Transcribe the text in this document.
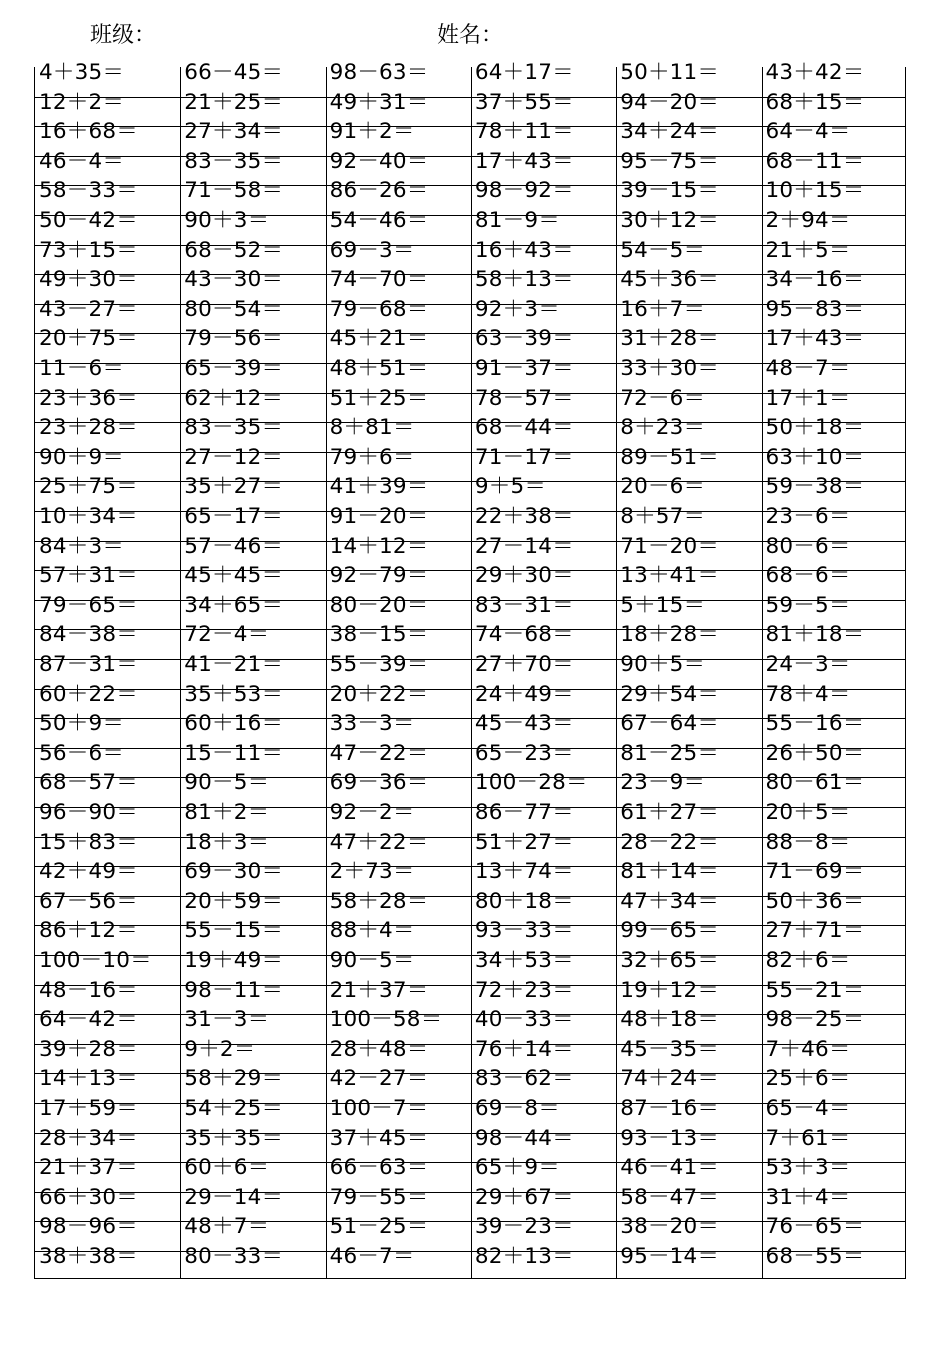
班级：	姓名：
4＋35＝
12＋2＝
16＋68＝
46－4＝
58－33＝
50－42＝
73＋15＝
49＋30＝
43－27＝
20＋75＝
11－6＝
23＋36＝
23＋28＝
90＋9＝
25＋75＝
10＋34＝
84＋3＝
57＋31＝
79－65＝
84－38＝
87－31＝
60＋22＝
50＋9＝
56－6＝
68－57＝
96－90＝
15＋83＝
42＋49＝
67－56＝
86＋12＝
100－10＝
48－16＝
64－42＝
39＋28＝
14＋13＝
17＋59＝
28＋34＝
21＋37＝
66＋30＝
98－96＝
38＋38＝
66－45＝
21＋25＝
27＋34＝
83－35＝
71－58＝
90＋3＝
68－52＝
43－30＝
80－54＝
79－56＝
65－39＝
62＋12＝
83－35＝
27－12＝
35＋27＝
65－17＝
57－46＝
45＋45＝
34＋65＝
72－4＝
41－21＝
35＋53＝
60＋16＝
15－11＝
90－5＝
81＋2＝
18＋3＝
69－30＝
20＋59＝
55－15＝
19＋49＝
98－11＝
31－3＝
9＋2＝
58＋29＝
54＋25＝
35＋35＝
60＋6＝
29－14＝
48＋7＝
80－33＝
98－63＝
49＋31＝
91＋2＝
92－40＝
86－26＝
54－46＝
69－3＝
74－70＝
79－68＝
45＋21＝
48＋51＝
51＋25＝
8＋81＝
79＋6＝
41＋39＝
91－20＝
14＋12＝
92－79＝
80－20＝
38－15＝
55－39＝
20＋22＝
33－3＝
47－22＝
69－36＝
92－2＝
47＋22＝
2＋73＝
58＋28＝
88＋4＝
90－5＝
21＋37＝
100－58＝
28＋48＝
42－27＝
100－7＝
37＋45＝
66－63＝
79－55＝
51－25＝
46－7＝
64＋17＝
37＋55＝
78＋11＝
17＋43＝
98－92＝
81－9＝
16＋43＝
58＋13＝
92＋3＝
63－39＝
91－37＝
78－57＝
68－44＝
71－17＝
9＋5＝
22＋38＝
27－14＝
29＋30＝
83－31＝
74－68＝
27＋70＝
24＋49＝
45－43＝
65－23＝
100－28＝
86－77＝
51＋27＝
13＋74＝
80＋18＝
93－33＝
34＋53＝
72＋23＝
40－33＝
76＋14＝
83－62＝
69－8＝
98－44＝
65＋9＝
29＋67＝
39－23＝
82＋13＝
50＋11＝
94－20＝
34＋24＝
95－75＝
39－15＝
30＋12＝
54－5＝
45＋36＝
16＋7＝
31＋28＝
33＋30＝
72－6＝
8＋23＝
89－51＝
20－6＝
8＋57＝
71－20＝
13＋41＝
5＋15＝
18＋28＝
90＋5＝
29＋54＝
67－64＝
81－25＝
23－9＝
61＋27＝
28－22＝
81＋14＝
47＋34＝
99－65＝
32＋65＝
19＋12＝
48＋18＝
45－35＝
74＋24＝
87－16＝
93－13＝
46－41＝
58－47＝
38－20＝
95－14＝
43＋42＝
68＋15＝
64－4＝
68－11＝
10＋15＝
2＋94＝
21＋5＝
34－16＝
95－83＝
17＋43＝
48－7＝
17＋1＝
50＋18＝
63＋10＝
59－38＝
23－6＝
80－6＝
68－6＝
59－5＝
81＋18＝
24－3＝
78＋4＝
55－16＝
26＋50＝
80－61＝
20＋5＝
88－8＝
71－69＝
50＋36＝
27＋71＝
82＋6＝
55－21＝
98－25＝
7＋46＝
25＋6＝
65－4＝
7＋61＝
53＋3＝
31＋4＝
76－65＝
68－55＝
